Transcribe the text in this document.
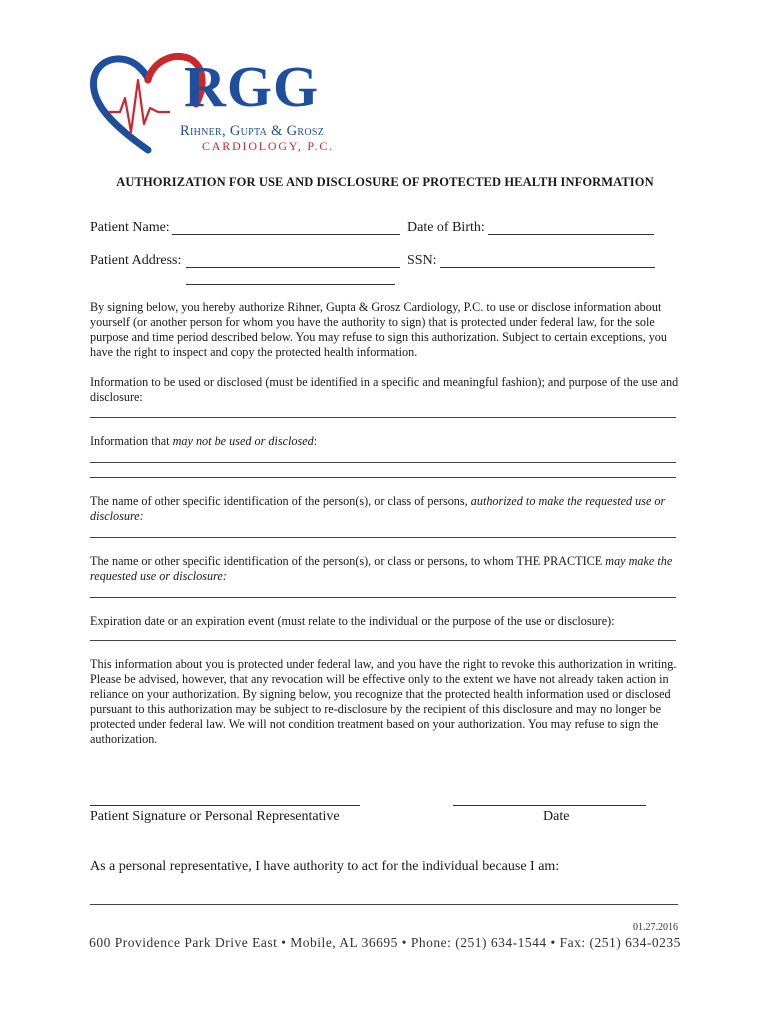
RGG
Rihner, Gupta & Grosz
CARDIOLOGY, P.C.
AUTHORIZATION FOR USE AND DISCLOSURE OF PROTECTED HEALTH INFORMATION
Patient Name:	Date of Birth:
Patient Address:	SSN:
By signing below, you hereby authorize Rihner, Gupta & Grosz Cardiology, P.C. to use or disclose information about yourself (or another person for whom you have the authority to sign) that is protected under federal law, for the sole purpose and time period described below. You may refuse to sign this authorization. Subject to certain exceptions, you have the right to inspect and copy the protected health information.
Information to be used or disclosed (must be identified in a specific and meaningful fashion); and purpose of the use and disclosure:
Information that may not be used or disclosed:
The name of other specific identification of the person(s), or class of persons, authorized to make the requested use or disclosure:
The name or other specific identification of the person(s), or class or persons, to whom THE PRACTICE may make the requested use or disclosure:
Expiration date or an expiration event (must relate to the individual or the purpose of the use or disclosure):
This information about you is protected under federal law, and you have the right to revoke this authorization in writing. Please be advised, however, that any revocation will be effective only to the extent we have not already taken action in reliance on your authorization. By signing below, you recognize that the protected health information used or disclosed pursuant to this authorization may be subject to re-disclosure by the recipient of this disclosure and may no longer be protected under federal law. We will not condition treatment based on your authorization. You may refuse to sign the authorization.
Patient Signature or Personal Representative	Date
As a personal representative, I have authority to act for the individual because I am:
01.27.2016
600 Providence Park Drive East • Mobile, AL 36695 • Phone: (251) 634-1544 • Fax: (251) 634-0235
